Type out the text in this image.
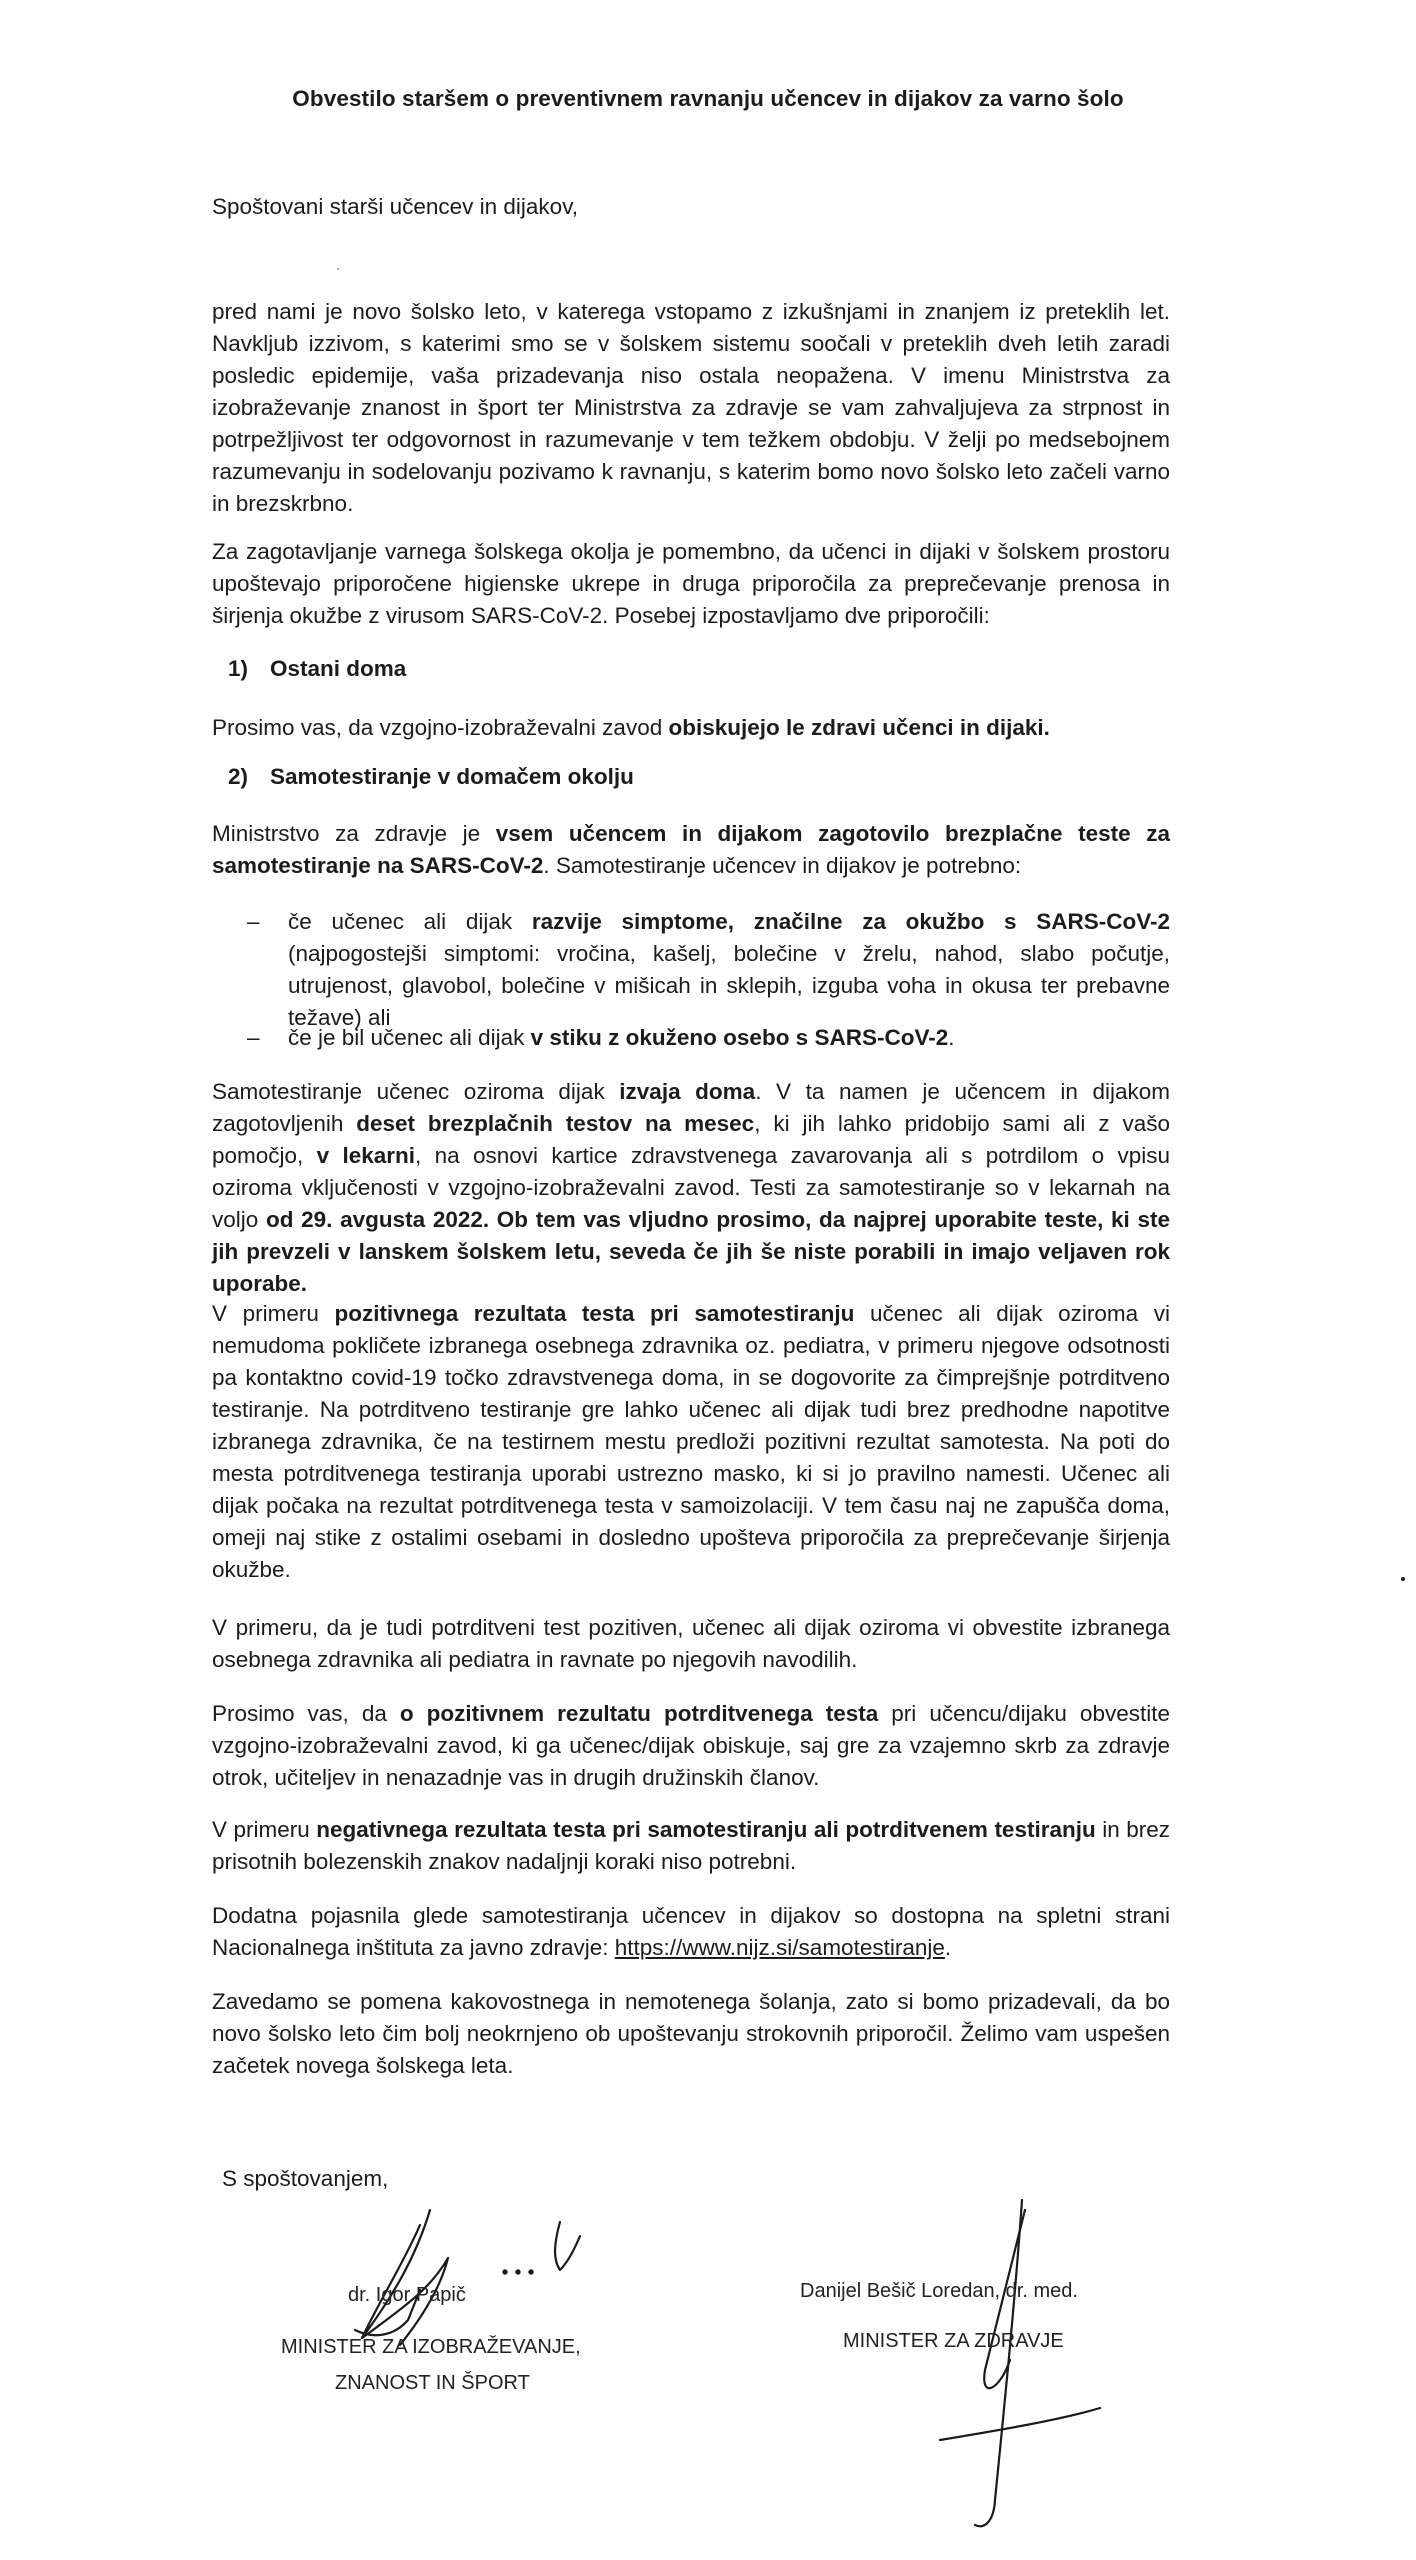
Obvestilo staršem o preventivnem ravnanju učencev in dijakov za varno šolo
Spoštovani starši učencev in dijakov,
pred nami je novo šolsko leto, v katerega vstopamo z izkušnjami in znanjem iz preteklih let. Navkljub izzivom, s katerimi smo se v šolskem sistemu soočali v preteklih dveh letih zaradi posledic epidemije, vaša prizadevanja niso ostala neopažena. V imenu Ministrstva za izobraževanje znanost in šport ter Ministrstva za zdravje se vam zahvaljujeva za strpnost in potrpežljivost ter odgovornost in razumevanje v tem težkem obdobju. V želji po medsebojnem razumevanju in sodelovanju pozivamo k ravnanju, s katerim bomo novo šolsko leto začeli varno in brezskrbno.
Za zagotavljanje varnega šolskega okolja je pomembno, da učenci in dijaki v šolskem prostoru upoštevajo priporočene higienske ukrepe in druga priporočila za preprečevanje prenosa in širjenja okužbe z virusom SARS-CoV-2. Posebej izpostavljamo dve priporočili:
1) Ostani doma
Prosimo vas, da vzgojno-izobraževalni zavod obiskujejo le zdravi učenci in dijaki.
2) Samotestiranje v domačem okolju
Ministrstvo za zdravje je vsem učencem in dijakom zagotovilo brezplačne teste za samotestiranje na SARS-CoV-2. Samotestiranje učencev in dijakov je potrebno:
– če učenec ali dijak razvije simptome, značilne za okužbo s SARS-CoV-2 (najpogostejši simptomi: vročina, kašelj, bolečine v žrelu, nahod, slabo počutje, utrujenost, glavobol, bolečine v mišicah in sklepih, izguba voha in okusa ter prebavne težave) ali
– če je bil učenec ali dijak v stiku z okuženo osebo s SARS-CoV-2.
Samotestiranje učenec oziroma dijak izvaja doma. V ta namen je učencem in dijakom zagotovljenih deset brezplačnih testov na mesec, ki jih lahko pridobijo sami ali z vašo pomočjo, v lekarni, na osnovi kartice zdravstvenega zavarovanja ali s potrdilom o vpisu oziroma vključenosti v vzgojno-izobraževalni zavod. Testi za samotestiranje so v lekarnah na voljo od 29. avgusta 2022. Ob tem vas vljudno prosimo, da najprej uporabite teste, ki ste jih prevzeli v lanskem šolskem letu, seveda če jih še niste porabili in imajo veljaven rok uporabe.
V primeru pozitivnega rezultata testa pri samotestiranju učenec ali dijak oziroma vi nemudoma pokličete izbranega osebnega zdravnika oz. pediatra, v primeru njegove odsotnosti pa kontaktno covid-19 točko zdravstvenega doma, in se dogovorite za čimprejšnje potrditveno testiranje. Na potrditveno testiranje gre lahko učenec ali dijak tudi brez predhodne napotitve izbranega zdravnika, če na testirnem mestu predloži pozitivni rezultat samotesta. Na poti do mesta potrditvenega testiranja uporabi ustrezno masko, ki si jo pravilno namesti. Učenec ali dijak počaka na rezultat potrditvenega testa v samoizolaciji. V tem času naj ne zapušča doma, omeji naj stike z ostalimi osebami in dosledno upošteva priporočila za preprečevanje širjenja okužbe.
V primeru, da je tudi potrditveni test pozitiven, učenec ali dijak oziroma vi obvestite izbranega osebnega zdravnika ali pediatra in ravnate po njegovih navodilih.
Prosimo vas, da o pozitivnem rezultatu potrditvenega testa pri učencu/dijaku obvestite vzgojno-izobraževalni zavod, ki ga učenec/dijak obiskuje, saj gre za vzajemno skrb za zdravje otrok, učiteljev in nenazadnje vas in drugih družinskih članov.
V primeru negativnega rezultata testa pri samotestiranju ali potrditvenem testiranju in brez prisotnih bolezenskih znakov nadaljnji koraki niso potrebni.
Dodatna pojasnila glede samotestiranja učencev in dijakov so dostopna na spletni strani Nacionalnega inštituta za javno zdravje: https://www.nijz.si/samotestiranje.
Zavedamo se pomena kakovostnega in nemotenega šolanja, zato si bomo prizadevali, da bo novo šolsko leto čim bolj neokrnjeno ob upoštevanju strokovnih priporočil. Želimo vam uspešen začetek novega šolskega leta.
S spoštovanjem,
dr. Igor Papič
MINISTER ZA IZOBRAŽEVANJE,
ZNANOST IN ŠPORT
Danijel Bešič Loredan, dr. med.
MINISTER ZA ZDRAVJE
